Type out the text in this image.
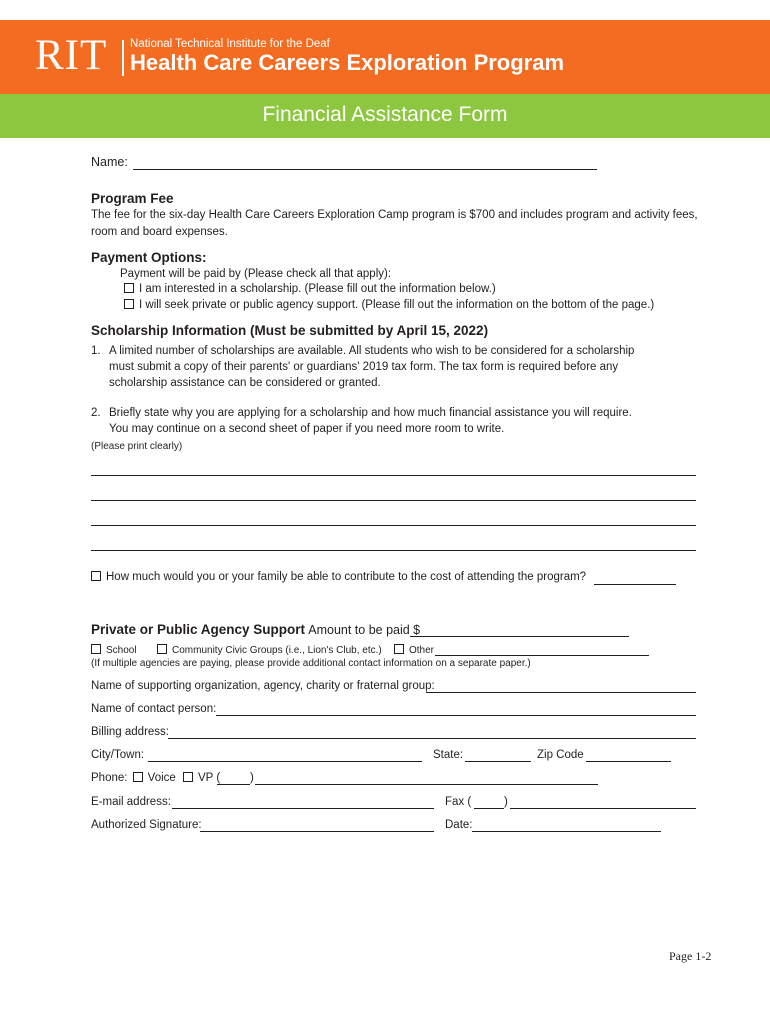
RIT National Technical Institute for the Deaf
Health Care Careers Exploration Program
Financial Assistance Form
Name:
Program Fee
The fee for the six-day Health Care Careers Exploration Camp program is $700 and includes program and activity fees,
room and board expenses.
Payment Options:
Payment will be paid by (Please check all that apply):
I am interested in a scholarship. (Please fill out the information below.)
I will seek private or public agency support. (Please fill out the information on the bottom of the page.)
Scholarship Information (Must be submitted by April 15, 2022)
1. A limited number of scholarships are available. All students who wish to be considered for a scholarship
must submit a copy of their parents' or guardians' 2019 tax form. The tax form is required before any
scholarship assistance can be considered or granted.
2. Briefly state why you are applying for a scholarship and how much financial assistance you will require.
You may continue on a second sheet of paper if you need more room to write.
(Please print clearly)
How much would you or your family be able to contribute to the cost of attending the program?
Private or Public Agency Support Amount to be paid $
School	Community Civic Groups (i.e., Lion's Club, etc.)	Other
(If multiple agencies are paying, please provide additional contact information on a separate paper.)
Name of supporting organization, agency, charity or fraternal group:
Name of contact person:
Billing address:
City/Town:	State:	Zip Code
Phone: Voice VP (	)
E-mail address:	Fax (	)
Authorized Signature:	Date:
Page 1-2
